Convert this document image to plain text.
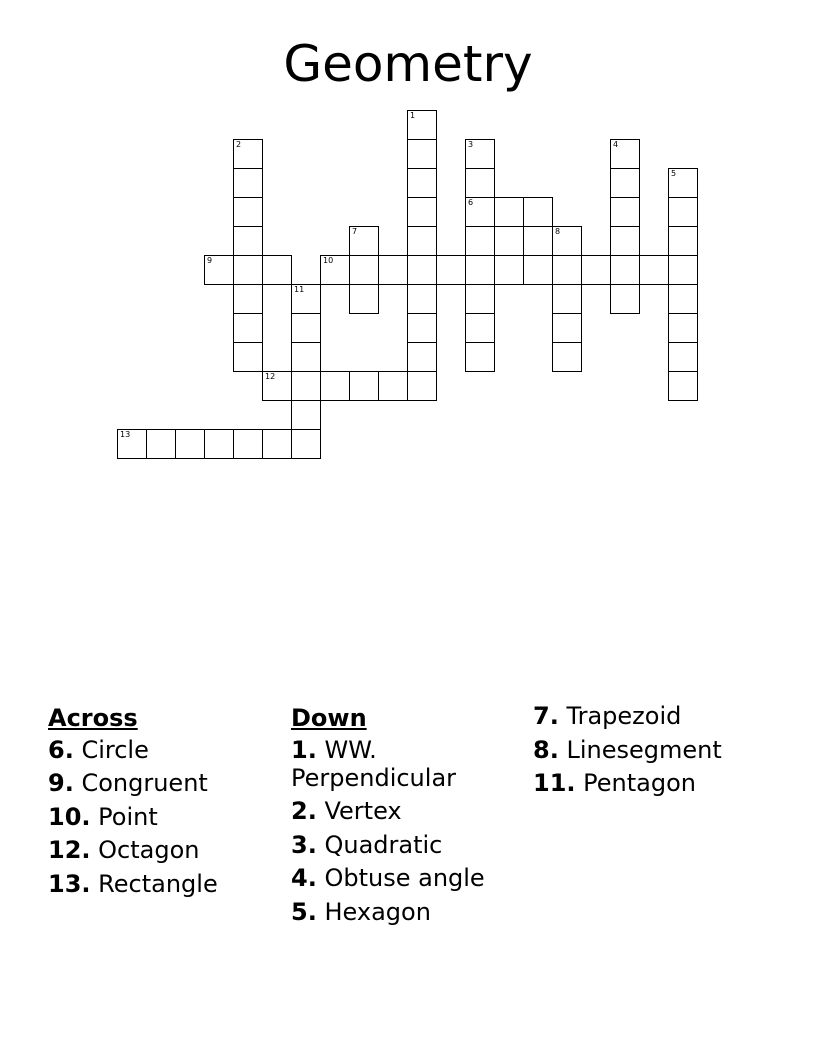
Geometry
1
2	3
6
4
5
7	8
9	10
11
12
13
Across
6. Circle
9. Congruent
10. Point
12. Octagon
13. Rectangle
Down
1. WW. Perpendicular
2. Vertex
3. Quadratic
4. Obtuse angle
5. Hexagon
7. Trapezoid
8. Linesegment
11. Pentagon
